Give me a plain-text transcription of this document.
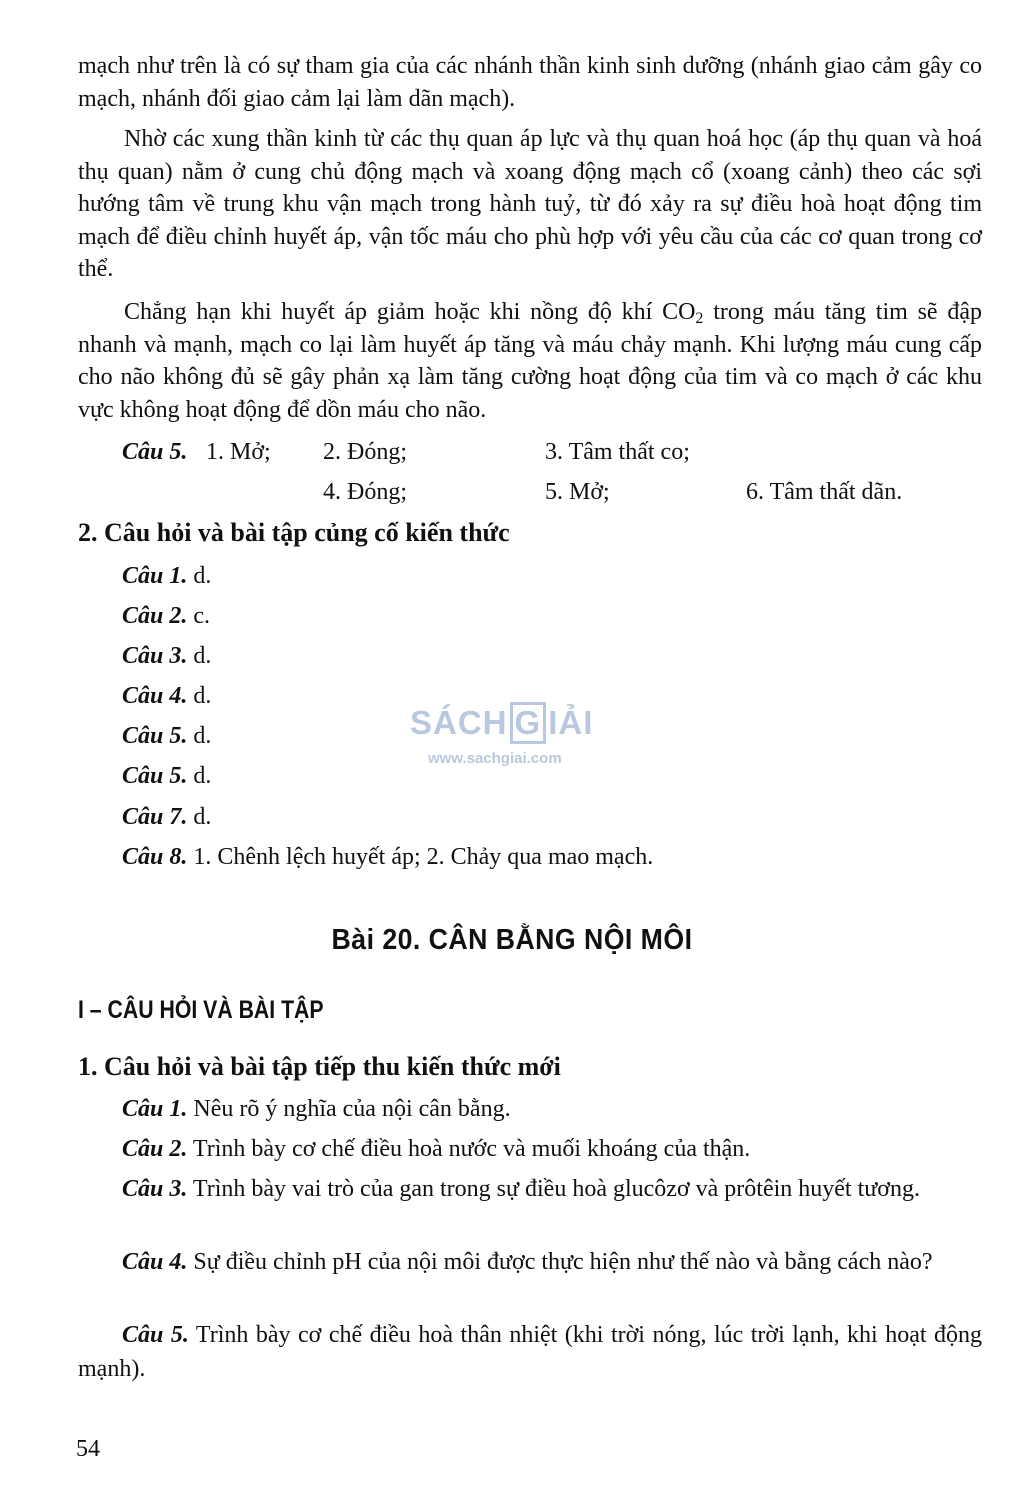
mạch như trên là có sự tham gia của các nhánh thần kinh sinh dưỡng (nhánh giao cảm gây co mạch, nhánh đối giao cảm lại làm dãn mạch).

Nhờ các xung thần kinh từ các thụ quan áp lực và thụ quan hoá học (áp thụ quan và hoá thụ quan) nằm ở cung chủ động mạch và xoang động mạch cổ (xoang cảnh) theo các sợi hướng tâm về trung khu vận mạch trong hành tuỷ, từ đó xảy ra sự điều hoà hoạt động tim mạch để điều chỉnh huyết áp, vận tốc máu cho phù hợp với yêu cầu của các cơ quan trong cơ thể.

Chẳng hạn khi huyết áp giảm hoặc khi nồng độ khí $CO_2$ trong máu tăng tim sẽ đập nhanh và mạnh, mạch co lại làm huyết áp tăng và máu chảy mạnh. Khi lượng máu cung cấp cho não không đủ sẽ gây phản xạ làm tăng cường hoạt động của tim và co mạch ở các khu vực không hoạt động để dồn máu cho não.

Câu 5. 1. Mở; 2. Đóng;	3. Tâm thất co;
4. Đóng;	5. Mở;	6. Tâm thất dãn.
2. Câu hỏi và bài tập củng cố kiến thức
Câu 1. d.
Câu 2. c.
Câu 3. d.
Câu 4. d.
Câu 5. d.
Câu 5. d.
Câu 7. d.
Câu 8. 1. Chênh lệch huyết áp; 2. Chảy qua mao mạch.
SÁCH G IẢI
www.sachgiai.com
Bài 20. CÂN BẰNG NỘI MÔI
I – CÂU HỎI VÀ BÀI TẬP
1. Câu hỏi và bài tập tiếp thu kiến thức mới
Câu 1. Nêu rõ ý nghĩa của nội cân bằng.
Câu 2. Trình bày cơ chế điều hoà nước và muối khoáng của thận.
Câu 3. Trình bày vai trò của gan trong sự điều hoà glucôzơ và prôtêin huyết tương.
Câu 4. Sự điều chỉnh pH của nội môi được thực hiện như thế nào và bằng cách nào?
Câu 5. Trình bày cơ chế điều hoà thân nhiệt (khi trời nóng, lúc trời lạnh, khi hoạt động mạnh).
54
